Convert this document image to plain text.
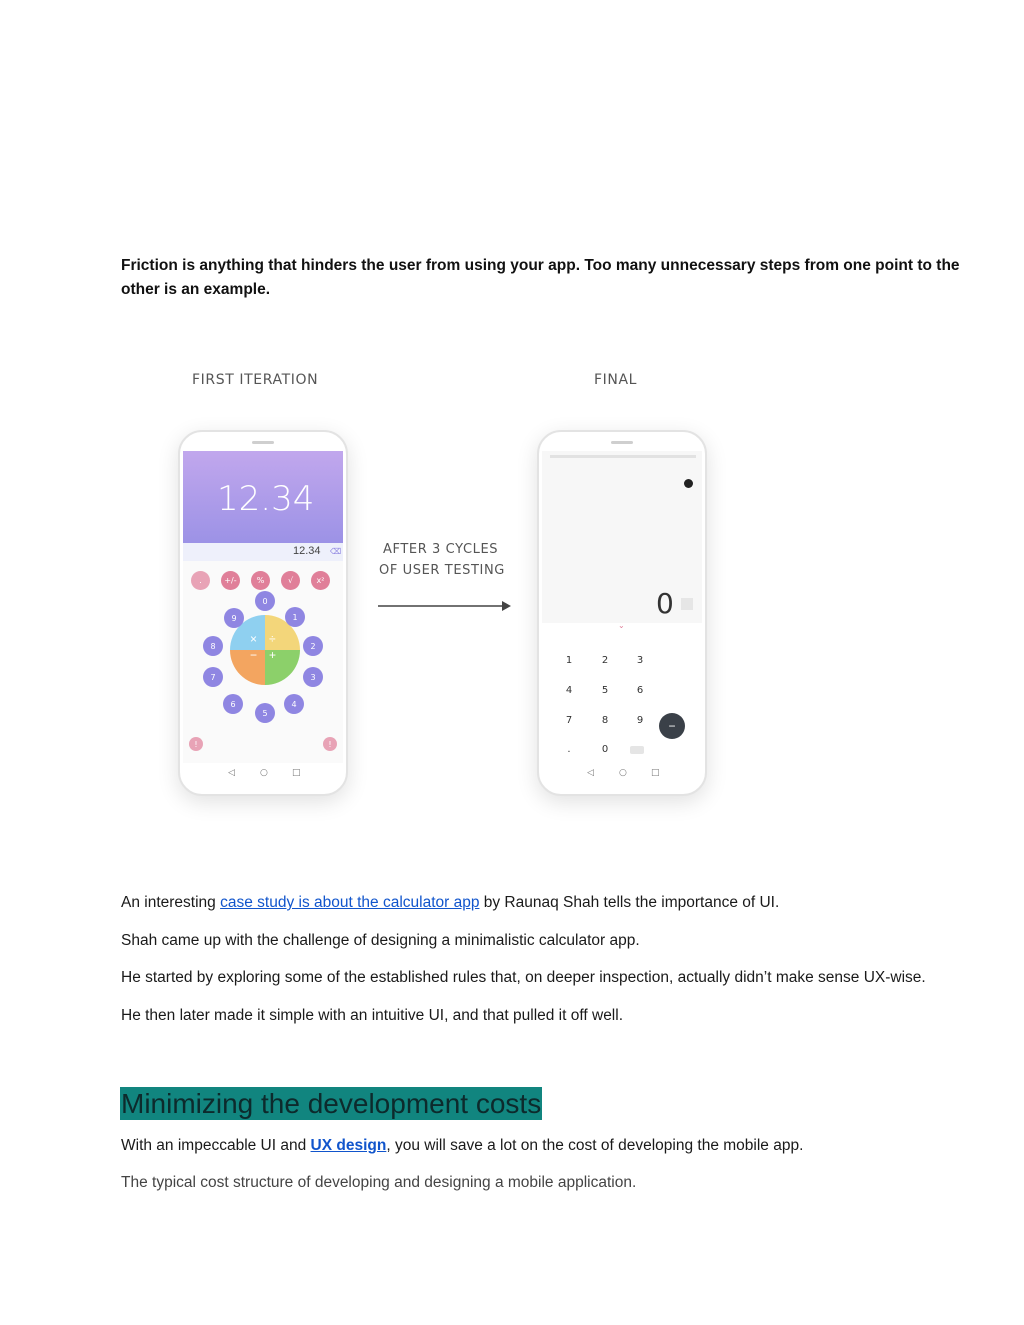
Friction is anything that hinders the user from using your app. Too many unnecessary steps from one point to the other is an example.
FIRST ITERATION	FINAL
12.34
12.34 ⌫
.	+/-	%	√	x²
× ÷
− +
0
1
2
3
4
5
6
7
8
9
!	!
◁	○	□
AFTER 3 CYCLES
OF USER TESTING
0
⌄
1	2	3
4	5	6
7	8	9
.	0
−
◁	○	□
An interesting case study is about the calculator app by Raunaq Shah tells the importance of UI.
Shah came up with the challenge of designing a minimalistic calculator app.
He started by exploring some of the established rules that, on deeper inspection, actually didn’t make sense UX-wise.
He then later made it simple with an intuitive UI, and that pulled it off well.
Minimizing the development costs
With an impeccable UI and UX design, you will save a lot on the cost of developing the mobile app.
The typical cost structure of developing and designing a mobile application.
